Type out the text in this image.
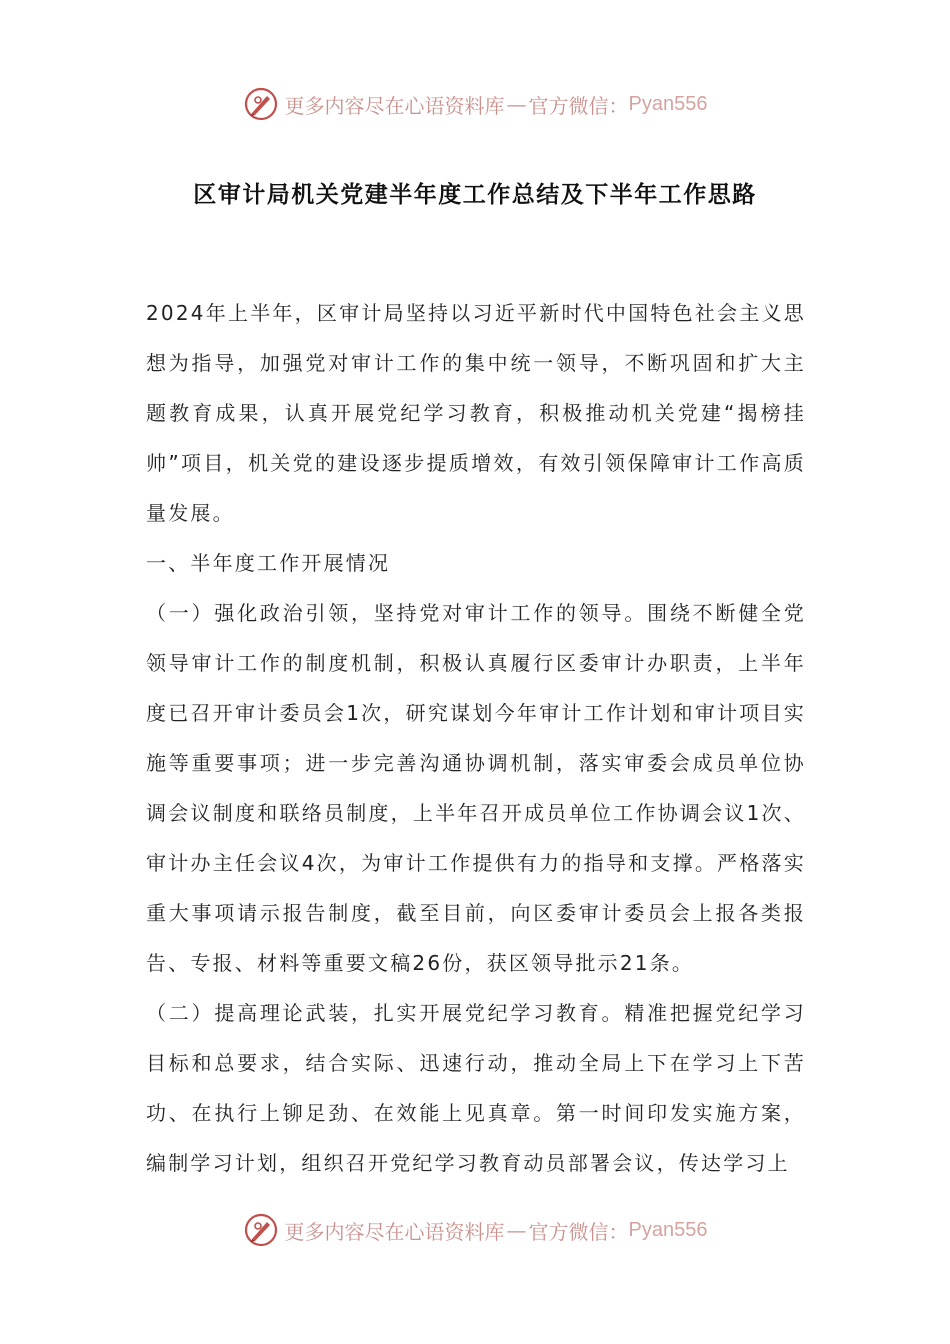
更多内容尽在心语资料库 — 官方微信： Pyan556
区审计局机关党建半年度工作总结及下半年工作思路

2024年上半年，区审计局坚持以习近平新时代中国特色社会主义思想为指导，加强党对审计工作的集中统一领导，不断巩固和扩大主题教育成果，认真开展党纪学习教育，积极推动机关党建“揭榜挂帅”项目，机关党的建设逐步提质增效，有效引领保障审计工作高质量发展。

一、半年度工作开展情况

（一）强化政治引领，坚持党对审计工作的领导。围绕不断健全党领导审计工作的制度机制，积极认真履行区委审计办职责，上半年度已召开审计委员会1次，研究谋划今年审计工作计划和审计项目实施等重要事项；进一步完善沟通协调机制，落实审委会成员单位协调会议制度和联络员制度，上半年召开成员单位工作协调会议1次、审计办主任会议4次，为审计工作提供有力的指导和支撑。严格落实重大事项请示报告制度，截至目前，向区委审计委员会上报各类报告、专报、材料等重要文稿26份，获区领导批示21条。

（二）提高理论武装，扎实开展党纪学习教育。精准把握党纪学习目标和总要求，结合实际、迅速行动，推动全局上下在学习上下苦功、在执行上铆足劲、在效能上见真章。第一时间印发实施方案，编制学习计划，组织召开党纪学习教育动员部署会议，传达学习上

更多内容尽在心语资料库 — 官方微信： Pyan556
